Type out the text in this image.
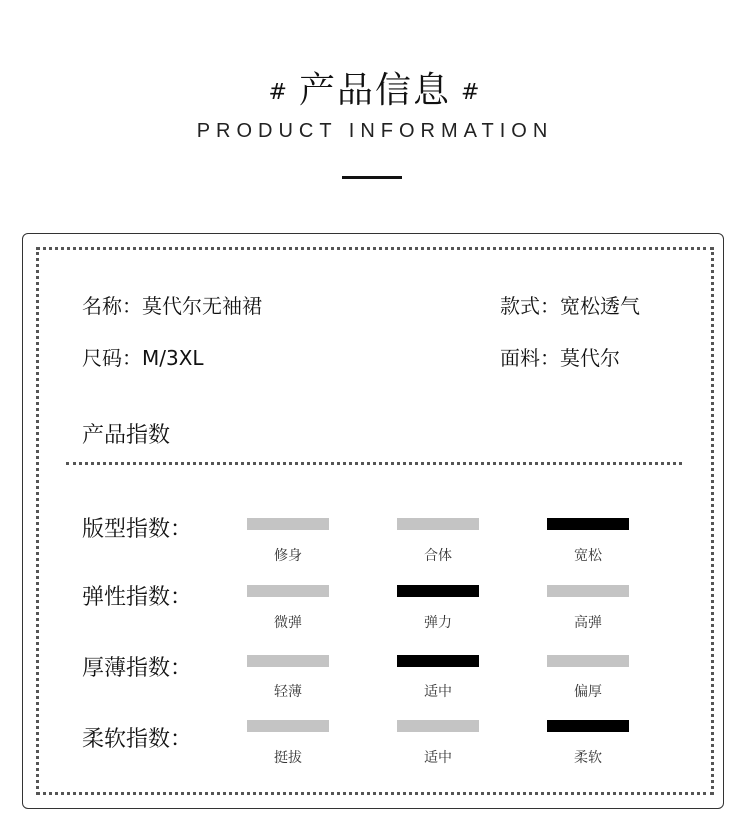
# 产品信息 #
PRODUCT INFORMATION
名称：莫代尔无袖裙	款式：宽松透气
尺码：M/3XL	面料：莫代尔
产品指数
版型指数：
修身	合体	宽松
弹性指数：
微弹	弹力	高弹
厚薄指数：
轻薄	适中	偏厚
柔软指数：
挺拔	适中	柔软
